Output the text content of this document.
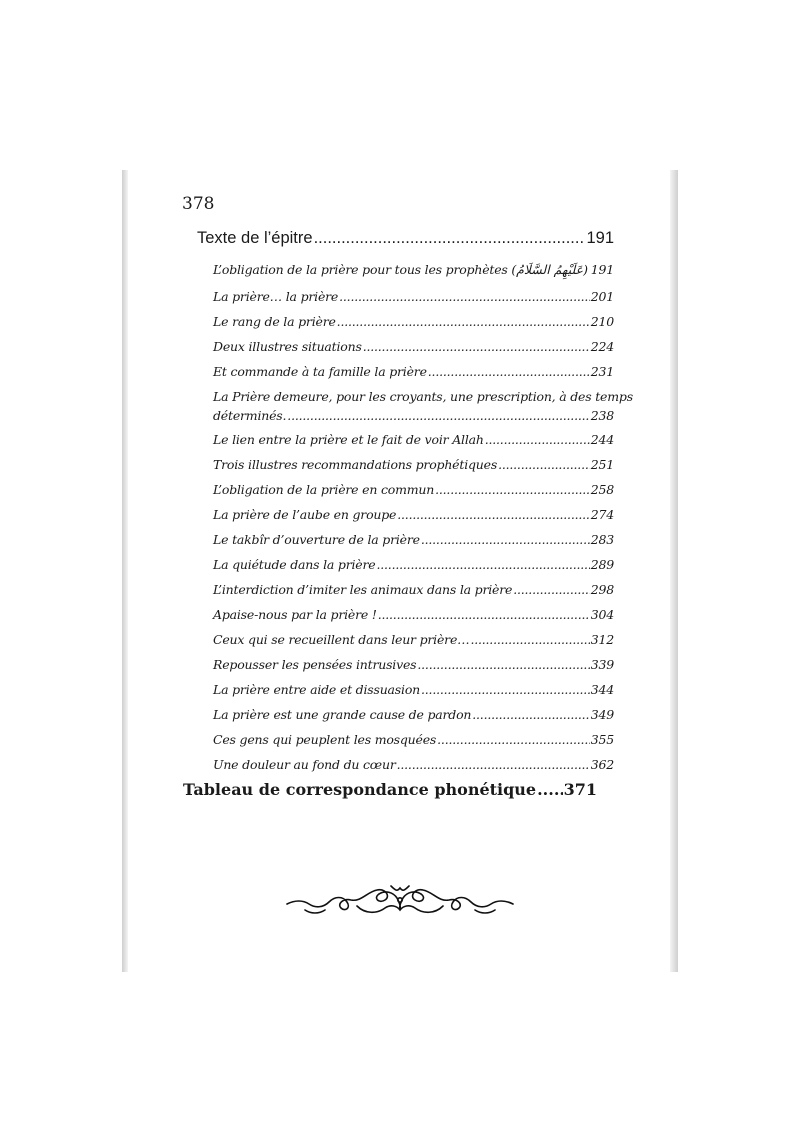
378
Texte de l’épitre .....	191
L’obligation de la prière pour tous les prophètes (عَلَيْهِمُ السَّلَامُ) ..... 191
La prière… la prière .....	201
Le rang de la prière .....	210
Deux illustres situations .....	224
Et commande à ta famille la prière .....	231
La Prière demeure, pour les croyants, une prescription, à des temps
déterminés. .....	238
Le lien entre la prière et le fait de voir Allah .....	244
Trois illustres recommandations prophétiques .....	251
L’obligation de la prière en commun .....	258
La prière de l’aube en groupe .....	274
Le takbîr d’ouverture de la prière .....	283
La quiétude dans la prière .....	289
L’interdiction d’imiter les animaux dans la prière .....	298
Apaise-nous par la prière ! .....	304
Ceux qui se recueillent dans leur prière… .....	312
Repousser les pensées intrusives .....	339
La prière entre aide et dissuasion .....	344
La prière est une grande cause de pardon .....	349
Ces gens qui peuplent les mosquées .....	355
Une douleur au fond du cœur .....	362
Tableau de correspondance phonétique ..... 371
